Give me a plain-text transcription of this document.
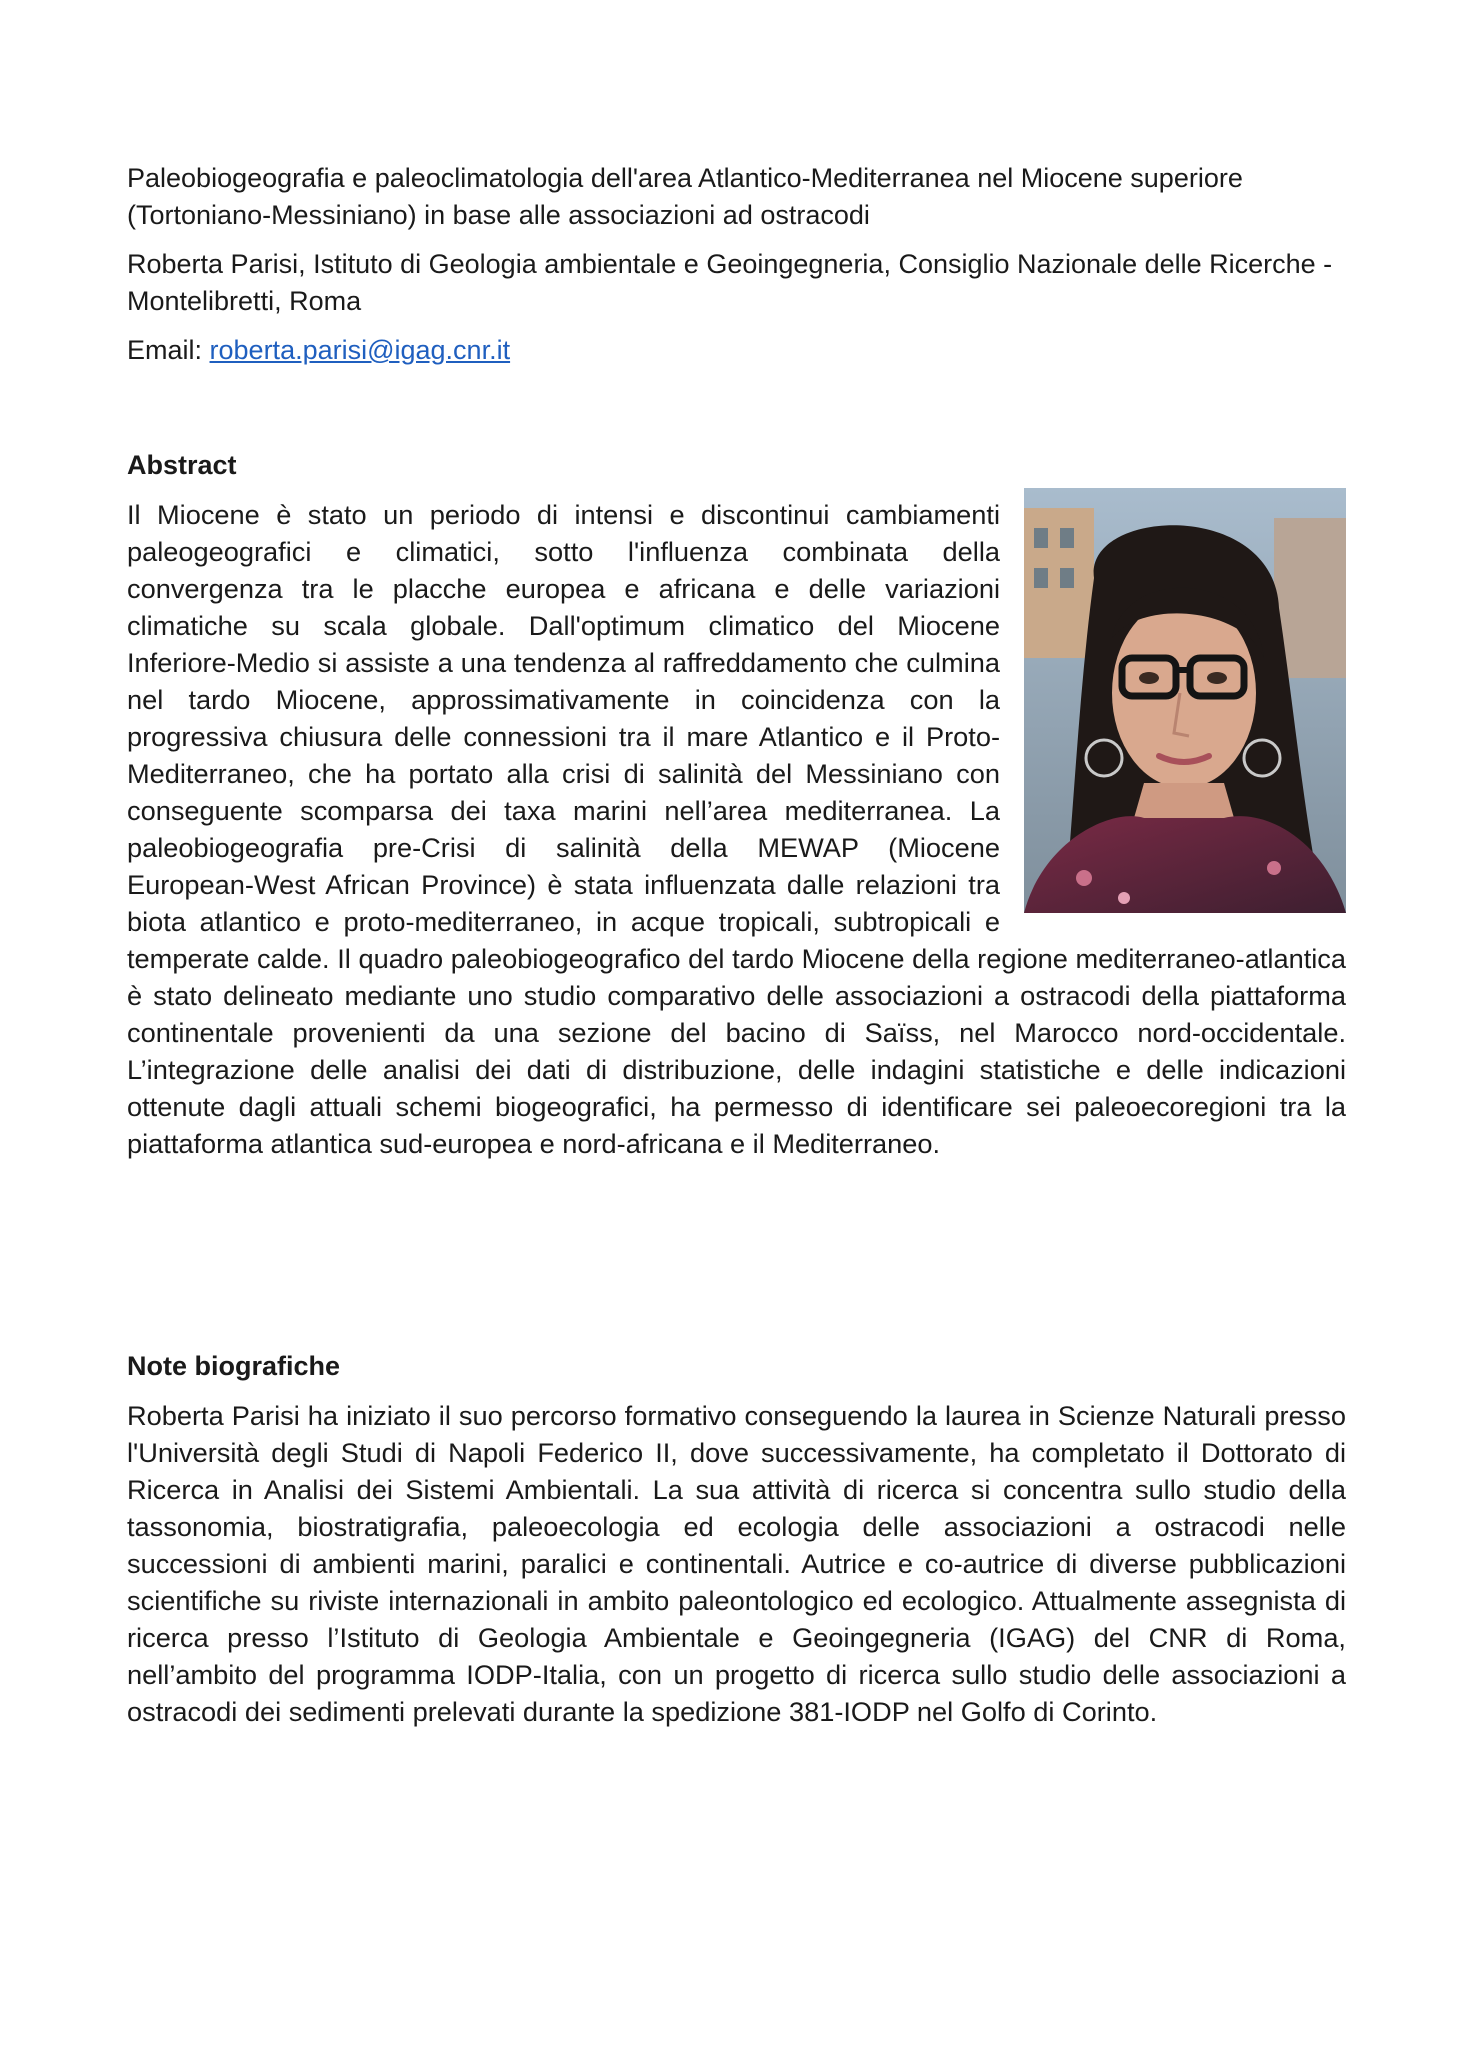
Paleobiogeografia e paleoclimatologia dell'area Atlantico-Mediterranea nel Miocene superiore (Tortoniano-Messiniano) in base alle associazioni ad ostracodi

Roberta Parisi, Istituto di Geologia ambientale e Geoingegneria, Consiglio Nazionale delle Ricerche - Montelibretti, Roma

Email: roberta.parisi@igag.cnr.it

Abstract

Il Miocene è stato un periodo di intensi e discontinui cambiamenti paleogeografici e climatici, sotto l'influenza combinata della convergenza tra le placche europea e africana e delle variazioni climatiche su scala globale. Dall'optimum climatico del Miocene Inferiore-Medio si assiste a una tendenza al raffreddamento che culmina nel tardo Miocene, approssimativamente in coincidenza con la progressiva chiusura delle connessioni tra il mare Atlantico e il Proto-Mediterraneo, che ha portato alla crisi di salinità del Messiniano con conseguente scomparsa dei taxa marini nell’area mediterranea. La paleobiogeografia pre-Crisi di salinità della MEWAP (Miocene European-West African Province) è stata influenzata dalle relazioni tra biota atlantico e proto-mediterraneo, in acque tropicali, subtropicali e temperate calde. Il quadro paleobiogeografico del tardo Miocene della regione mediterraneo-atlantica è stato delineato mediante uno studio comparativo delle associazioni a ostracodi della piattaforma continentale provenienti da una sezione del bacino di Saïss, nel Marocco nord-occidentale. L’integrazione delle analisi dei dati di distribuzione, delle indagini statistiche e delle indicazioni ottenute dagli attuali schemi biogeografici, ha permesso di identificare sei paleoecoregioni tra la piattaforma atlantica sud-europea e nord-africana e il Mediterraneo.

Note biografiche

Roberta Parisi ha iniziato il suo percorso formativo conseguendo la laurea in Scienze Naturali presso l'Università degli Studi di Napoli Federico II, dove successivamente, ha completato il Dottorato di Ricerca in Analisi dei Sistemi Ambientali. La sua attività di ricerca si concentra sullo studio della tassonomia, biostratigrafia, paleoecologia ed ecologia delle associazioni a ostracodi nelle successioni di ambienti marini, paralici e continentali. Autrice e co-autrice di diverse pubblicazioni scientifiche su riviste internazionali in ambito paleontologico ed ecologico. Attualmente assegnista di ricerca presso l’Istituto di Geologia Ambientale e Geoingegneria (IGAG) del CNR di Roma, nell’ambito del programma IODP-Italia, con un progetto di ricerca sullo studio delle associazioni a ostracodi dei sedimenti prelevati durante la spedizione 381-IODP nel Golfo di Corinto.
